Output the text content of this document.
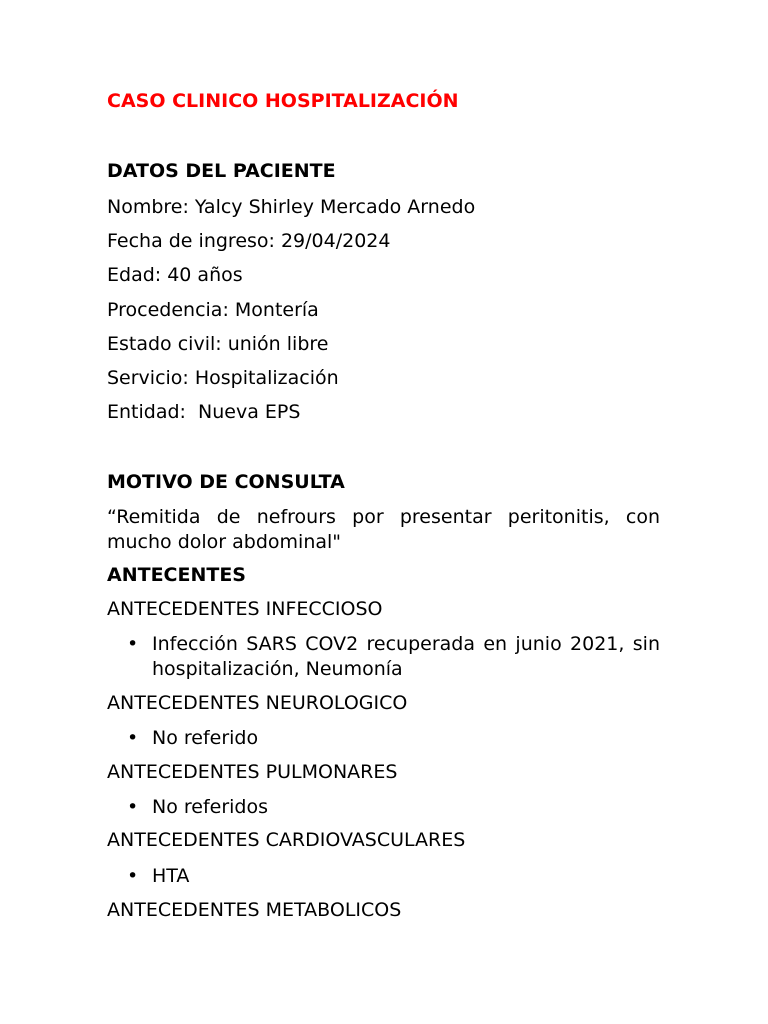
CASO CLINICO HOSPITALIZACIÓN
DATOS DEL PACIENTE

Nombre: Yalcy Shirley Mercado Arnedo

Fecha de ingreso: 29/04/2024

Edad: 40 años

Procedencia: Montería

Estado civil: unión libre

Servicio: Hospitalización

Entidad:  Nueva EPS

MOTIVO DE CONSULTA

“Remitida de nefrours por presentar peritonitis, con mucho dolor abdominal"

ANTECENTES

ANTECEDENTES INFECCIOSO

• Infección SARS COV2 recuperada en junio 2021, sin hospitalización, Neumonía

ANTECEDENTES NEUROLOGICO

• No referido

ANTECEDENTES PULMONARES

• No referidos

ANTECEDENTES CARDIOVASCULARES

• HTA

ANTECEDENTES METABOLICOS
